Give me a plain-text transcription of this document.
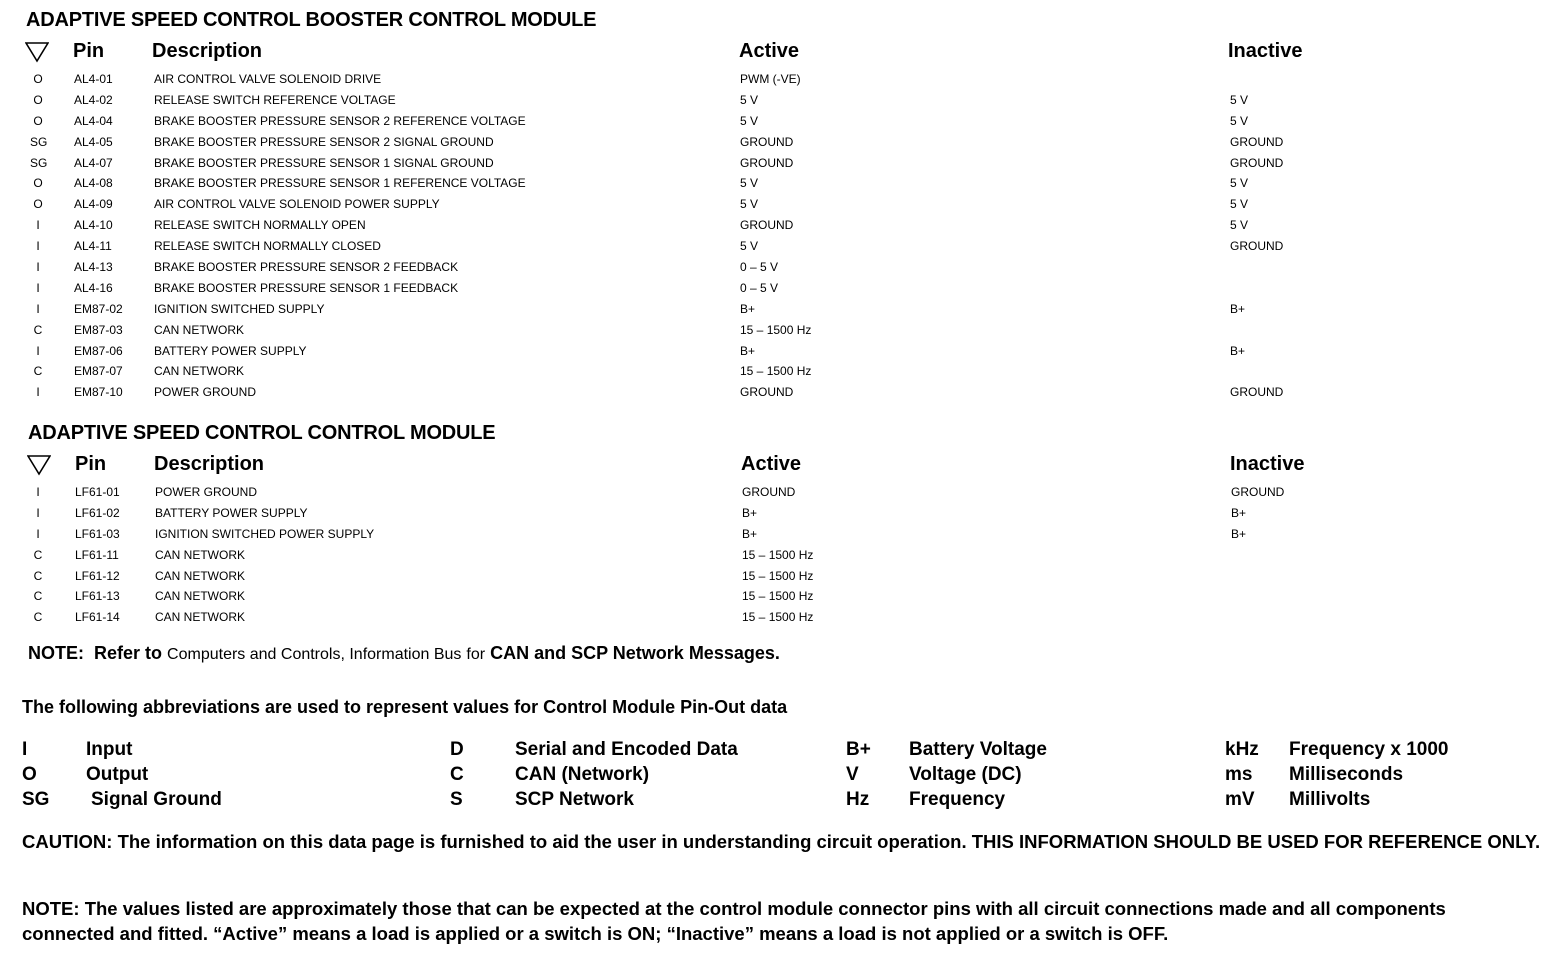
ADAPTIVE SPEED CONTROL BOOSTER CONTROL MODULE
Pin Description	Active	Inactive
O	AL4-01	AIR CONTROL VALVE SOLENOID DRIVE	PWM (-VE)
O	AL4-02	RELEASE SWITCH REFERENCE VOLTAGE	5 V	5 V
O	AL4-04	BRAKE BOOSTER PRESSURE SENSOR 2 REFERENCE VOLTAGE	5 V	5 V
SG AL4-05	BRAKE BOOSTER PRESSURE SENSOR 2 SIGNAL GROUND	GROUND	GROUND
SG AL4-07	BRAKE BOOSTER PRESSURE SENSOR 1 SIGNAL GROUND	GROUND	GROUND
O	AL4-08	BRAKE BOOSTER PRESSURE SENSOR 1 REFERENCE VOLTAGE	5 V	5 V
O	AL4-09	AIR CONTROL VALVE SOLENOID POWER SUPPLY	5 V	5 V
I	AL4-10	RELEASE SWITCH NORMALLY OPEN	GROUND	5 V
I	AL4-11	RELEASE SWITCH NORMALLY CLOSED	5 V	GROUND
I	AL4-13	BRAKE BOOSTER PRESSURE SENSOR 2 FEEDBACK	0 – 5 V
I	AL4-16	BRAKE BOOSTER PRESSURE SENSOR 1 FEEDBACK	0 – 5 V
I	EM87-02	IGNITION SWITCHED SUPPLY	B+	B+
C	EM87-03	CAN NETWORK	15 – 1500 Hz
I	EM87-06	BATTERY POWER SUPPLY	B+	B+
C	EM87-07	CAN NETWORK	15 – 1500 Hz
I	EM87-10	POWER GROUND	GROUND	GROUND
ADAPTIVE SPEED CONTROL CONTROL MODULE
Pin Description	Active	Inactive
I	LF61-01	POWER GROUND	GROUND	GROUND
I	LF61-02	BATTERY POWER SUPPLY	B+	B+
I	LF61-03	IGNITION SWITCHED POWER SUPPLY	B+	B+
C	LF61-11	CAN NETWORK	15 – 1500 Hz
C	LF61-12	CAN NETWORK	15 – 1500 Hz
C	LF61-13	CAN NETWORK	15 – 1500 Hz
C	LF61-14	CAN NETWORK	15 – 1500 Hz
NOTE: Refer to Computers and Controls, Information Bus for CAN and SCP Network Messages.
The following abbreviations are used to represent values for Control Module Pin-Out data
I	Input
O	Output
SG Signal Ground
D	Serial and Encoded Data
C	CAN (Network)
S	SCP Network
B+ Battery Voltage
V	Voltage (DC)
Hz Frequency
kHz Frequency x 1000
ms Milliseconds
mV Millivolts
CAUTION: The information on this data page is furnished to aid the user in understanding circuit operation. THIS INFORMATION SHOULD BE USED FOR REFERENCE ONLY.
NOTE: The values listed are approximately those that can be expected at the control module connector pins with all circuit connections made and all components connected and fitted. “Active” means a load is applied or a switch is ON; “Inactive” means a load is not applied or a switch is OFF.
